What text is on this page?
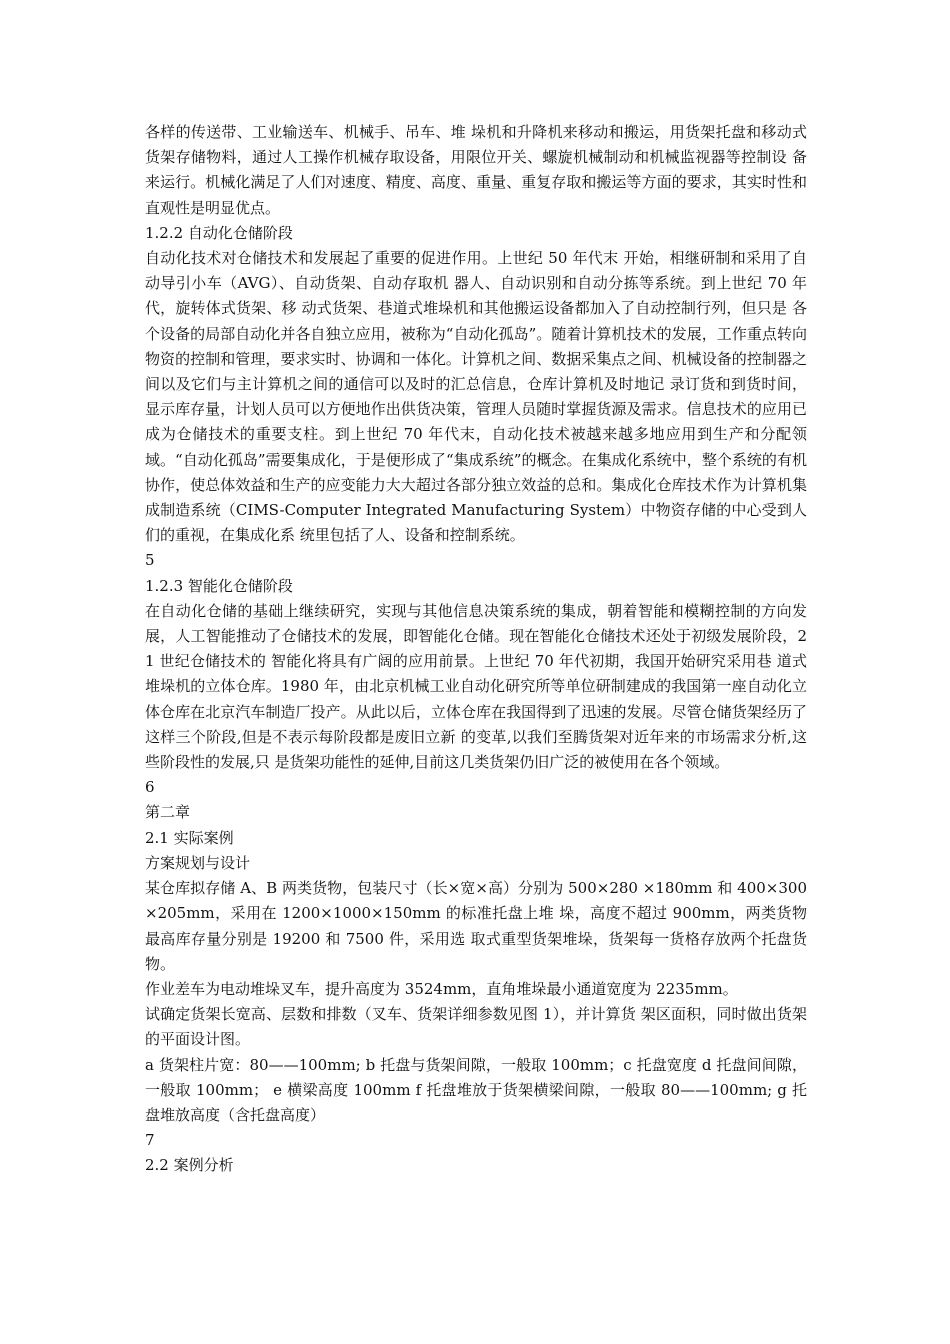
各样的传送带、工业输送车、机械手、吊车、堆 垛机和升降机来移动和搬运，用货架托盘和移动式货架存储物料，通过人工操作机械存取设备，用限位开关、螺旋机械制动和机械监视器等控制设 备来运行。机械化满足了人们对速度、精度、高度、重量、重复存取和搬运等方面的要求，其实时性和直观性是明显优点。

1.2.2 自动化仓储阶段

自动化技术对仓储技术和发展起了重要的促进作用。上世纪 50 年代末 开始，相继研制和采用了自动导引小车（AVG）、自动货架、自动存取机 器人、自动识别和自动分拣等系统。到上世纪 70 年代，旋转体式货架、移 动式货架、巷道式堆垛机和其他搬运设备都加入了自动控制行列，但只是 各个设备的局部自动化并各自独立应用，被称为“自动化孤岛”。随着计算机技术的发展，工作重点转向物资的控制和管理，要求实时、协调和一体化。计算机之间、数据采集点之间、机械设备的控制器之间以及它们与主计算机之间的通信可以及时的汇总信息，仓库计算机及时地记 录订货和到货时间，显示库存量，计划人员可以方便地作出供货决策，管理人员随时掌握货源及需求。信息技术的应用已成为仓储技术的重要支柱。到上世纪 70 年代末，自动化技术被越来越多地应用到生产和分配领域。“自动化孤岛”需要集成化，于是便形成了“集成系统”的概念。在集成化系统中，整个系统的有机协作，使总体效益和生产的应变能力大大超过各部分独立效益的总和。集成化仓库技术作为计算机集成制造系统（CIMS-Computer Integrated Manufacturing System）中物资存储的中心受到人们的重视，在集成化系 统里包括了人、设备和控制系统。

5

1.2.3 智能化仓储阶段

在自动化仓储的基础上继续研究，实现与其他信息决策系统的集成，朝着智能和模糊控制的方向发展，人工智能推动了仓储技术的发展，即智能化仓储。现在智能化仓储技术还处于初级发展阶段，21 世纪仓储技术的 智能化将具有广阔的应用前景。上世纪 70 年代初期，我国开始研究采用巷 道式堆垛机的立体仓库。1980 年，由北京机械工业自动化研究所等单位研制建成的我国第一座自动化立体仓库在北京汽车制造厂投产。从此以后，立体仓库在我国得到了迅速的发展。尽管仓储货架经历了这样三个阶段,但是不表示每阶段都是废旧立新 的变革,以我们至腾货架对近年来的市场需求分析,这些阶段性的发展,只 是货架功能性的延伸,目前这几类货架仍旧广泛的被使用在各个领域。

6

第二章

2.1 实际案例

方案规划与设计

某仓库拟存储 A、B 两类货物，包装尺寸（长×宽×高）分别为 500×280 ×180mm 和 400×300×205mm，采用在 1200×1000×150mm 的标准托盘上堆 垛，高度不超过 900mm，两类货物最高库存量分别是 19200 和 7500 件，采用选 取式重型货架堆垛，货架每一货格存放两个托盘货物。

作业差车为电动堆垛叉车，提升高度为 3524mm，直角堆垛最小通道宽度为 2235mm。

试确定货架长宽高、层数和排数（叉车、货架详细参数见图 1），并计算货 架区面积，同时做出货架的平面设计图。

a 货架柱片宽：80——100mm; b 托盘与货架间隙，一般取 100mm；c 托盘宽度 d 托盘间间隙，一般取 100mm； e 横梁高度 100mm f 托盘堆放于货架横梁间隙，一般取 80——100mm; g 托盘堆放高度（含托盘高度）

7

2.2 案例分析
